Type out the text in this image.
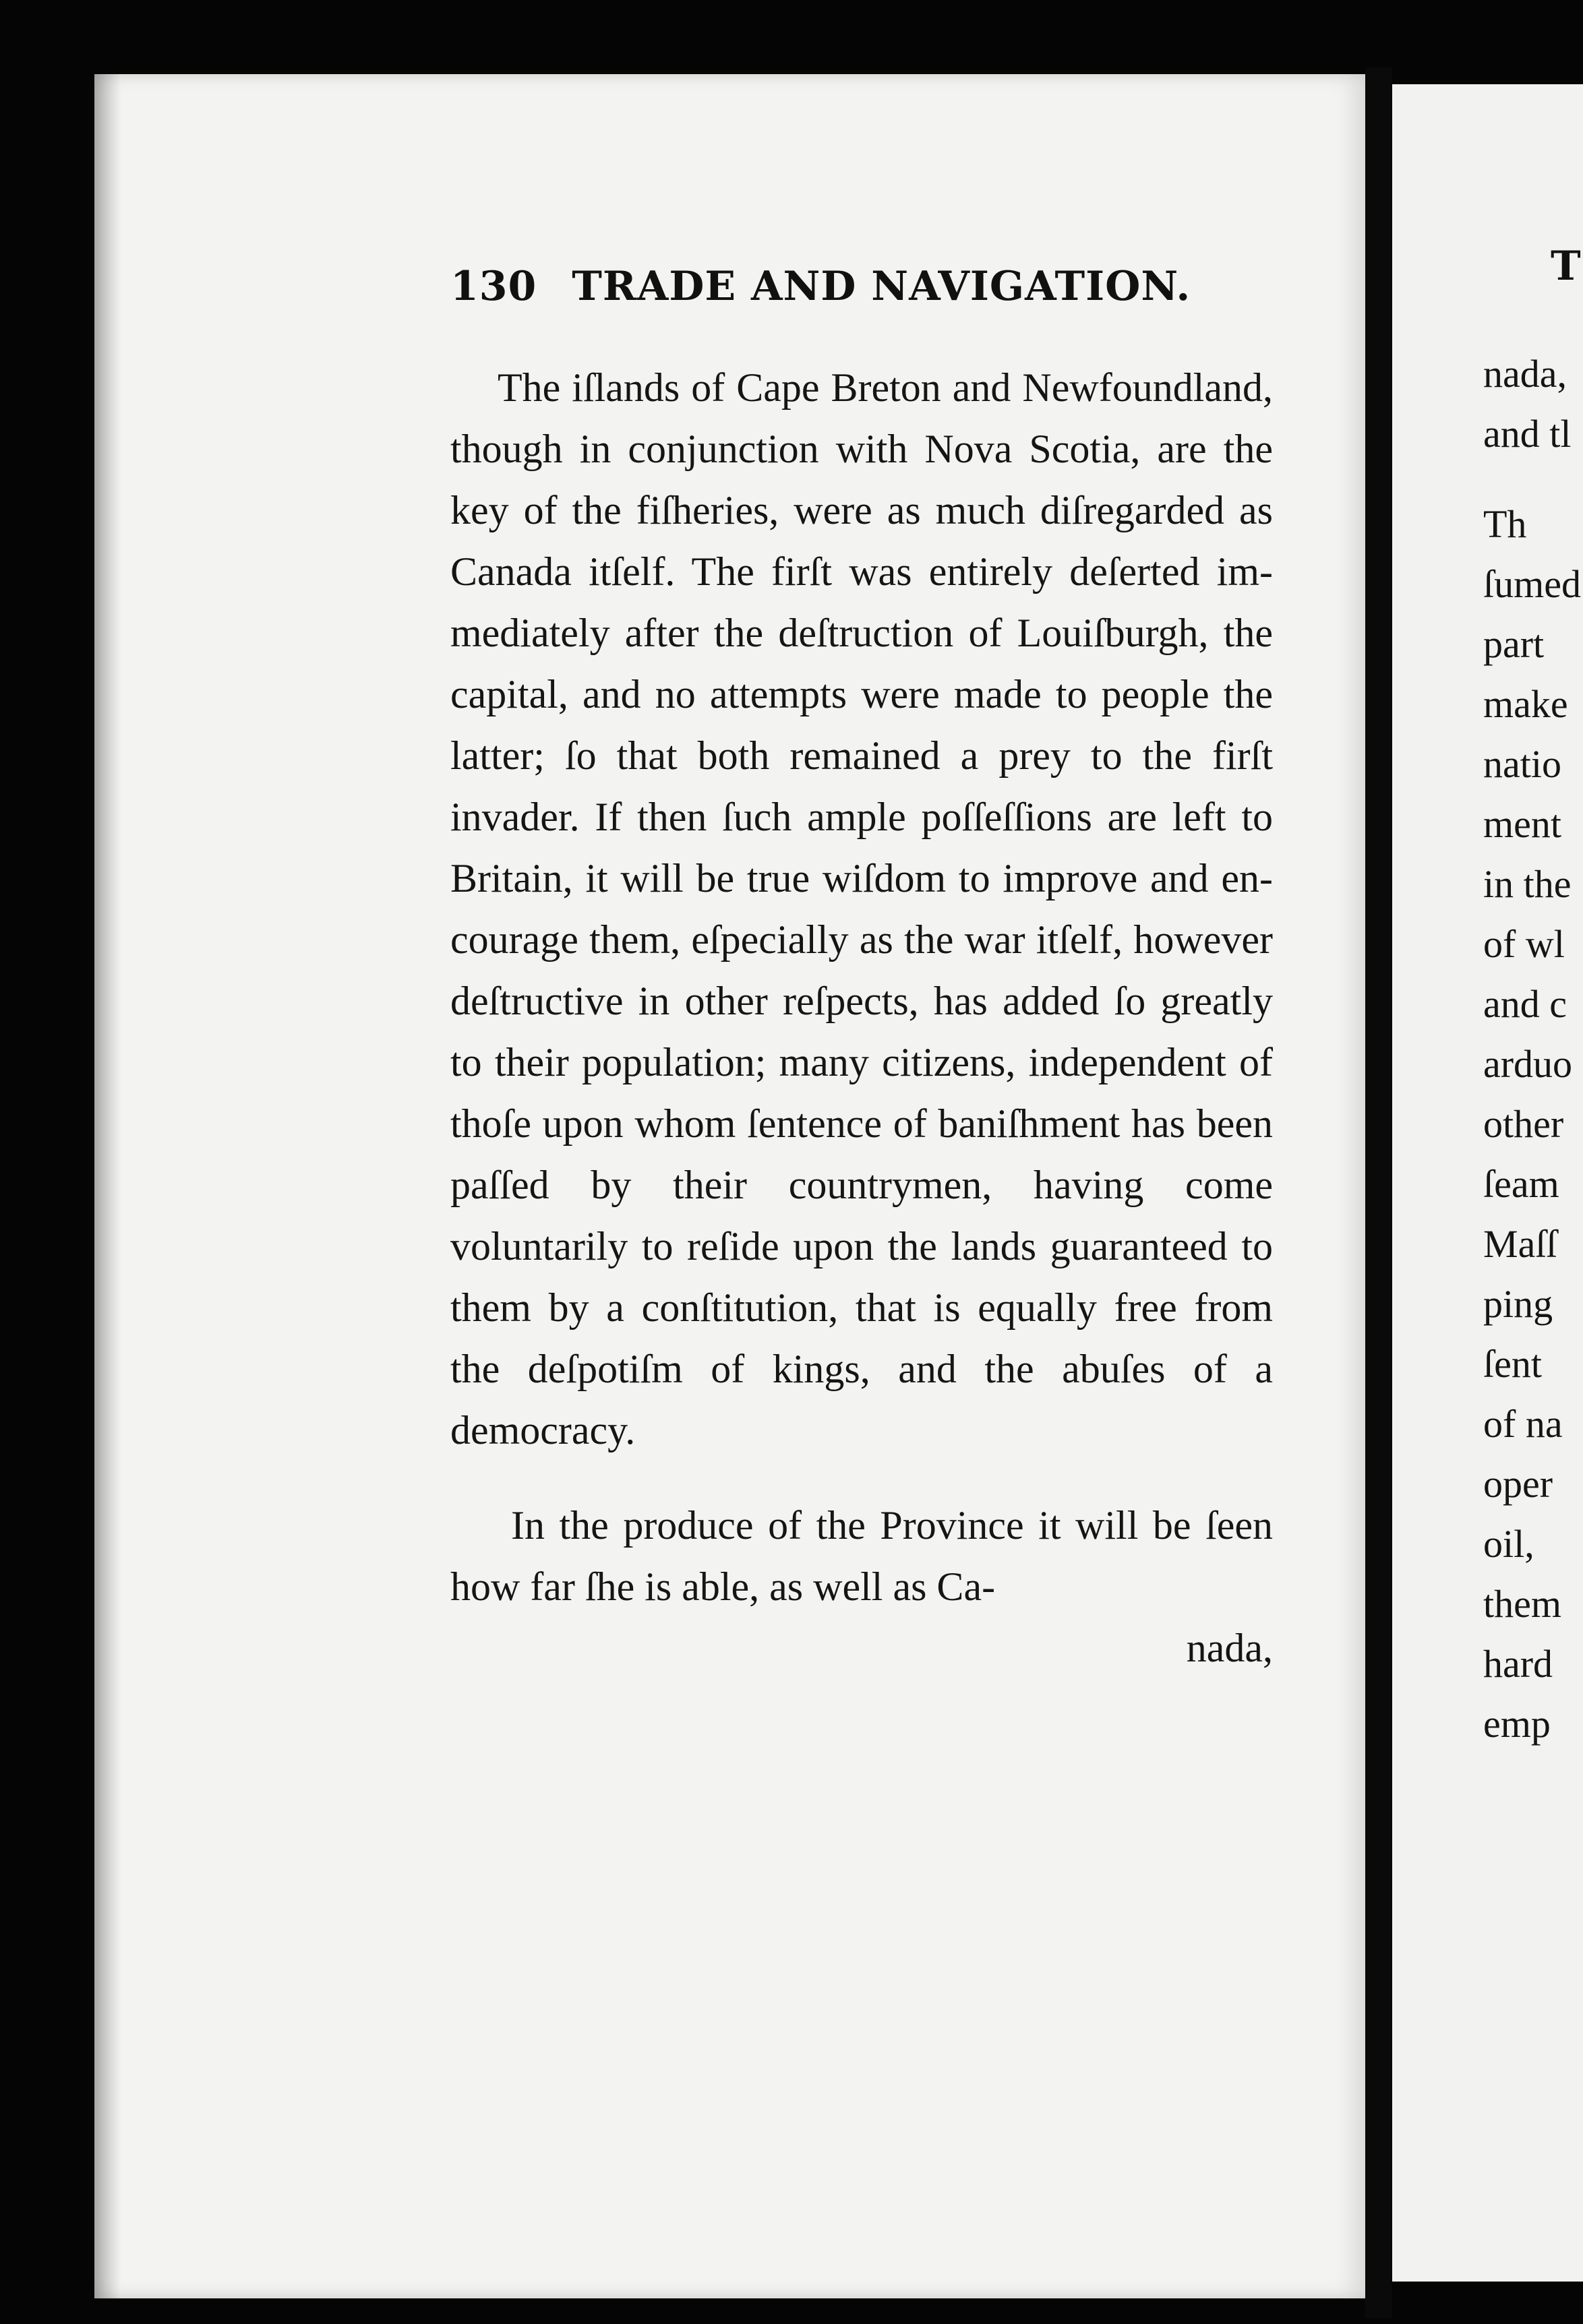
130 TRADE AND NAVIGATION.

The iſlands of Cape Breton and Newfoundland, though in conjunction with Nova Scotia, are the key of the fiſheries, were as much diſregarded as Canada itſelf. The firſt was entirely deſerted immediately after the deſtruction of Louiſburgh, the capital, and no attempts were made to people the latter; ſo that both remained a prey to the firſt invader. If then ſuch ample poſſeſſions are left to Britain, it will be true wiſdom to improve and encourage them, eſpecially as the war itſelf, however deſtructive in other reſpects, has added ſo greatly to their population; many citizens, independent of thoſe upon whom ſentence of baniſhment has been paſſed by their countrymen, having come voluntarily to reſide upon the lands guaranteed to them by a conſtitution, that is equally free from the deſpotiſm of kings, and the abuſes of a democracy.

In the produce of the Province it will be ſeen how far ſhe is able, as well as Ca-

nada,
T
nada,
and tl
Th
ſumed
part
make
natio
ment
in the
of wl
and c
arduo
other
ſeam
Maſſ
ping
ſent
of na
oper
oil,
them
hard
emp
